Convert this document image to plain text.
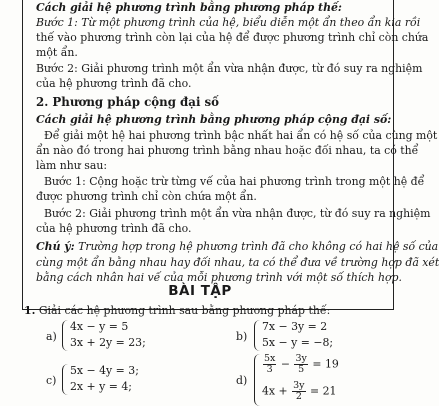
Cách giải hệ phương trình bằng phương pháp thế:
Bước 1: Từ một phương trình của hệ, biểu diễn một ẩn theo ẩn kia rồi
thế vào phương trình còn lại của hệ để được phương trình chỉ còn chứa
một ẩn.
Bước 2: Giải phương trình một ẩn vừa nhận được, từ đó suy ra nghiệm
của hệ phương trình đã cho.
2. Phương pháp cộng đại số
Cách giải hệ phương trình bằng phương pháp cộng đại số:
Để giải một hệ hai phương trình bậc nhất hai ẩn có hệ số của cùng một
ẩn nào đó trong hai phương trình bằng nhau hoặc đối nhau, ta có thể
làm như sau:
Bước 1: Cộng hoặc trừ từng vế của hai phương trình trong một hệ để
được phương trình chỉ còn chứa một ẩn.
Bước 2: Giải phương trình một ẩn vừa nhận được, từ đó suy ra nghiệm
của hệ phương trình đã cho.
Chú ý: Trường hợp trong hệ phương trình đã cho không có hai hệ số của
cùng một ẩn bằng nhau hay đối nhau, ta có thể đưa về trường hợp đã xét
bằng cách nhân hai vế của mỗi phương trình với một số thích hợp.
BÀI TẬP
1. Giải các hệ phương trình sau bằng phương pháp thế:
a)
4x − y = 5
3x + 2y = 23;	b)
7x − 3y = 2
5x − y = −8;
c)
5x − 4y = 3;
2x + y = 4;	d)
$\frac{5x}{3} - \frac{3y}{5} = 19$
$4x + \frac{3y}{2} = 21$
